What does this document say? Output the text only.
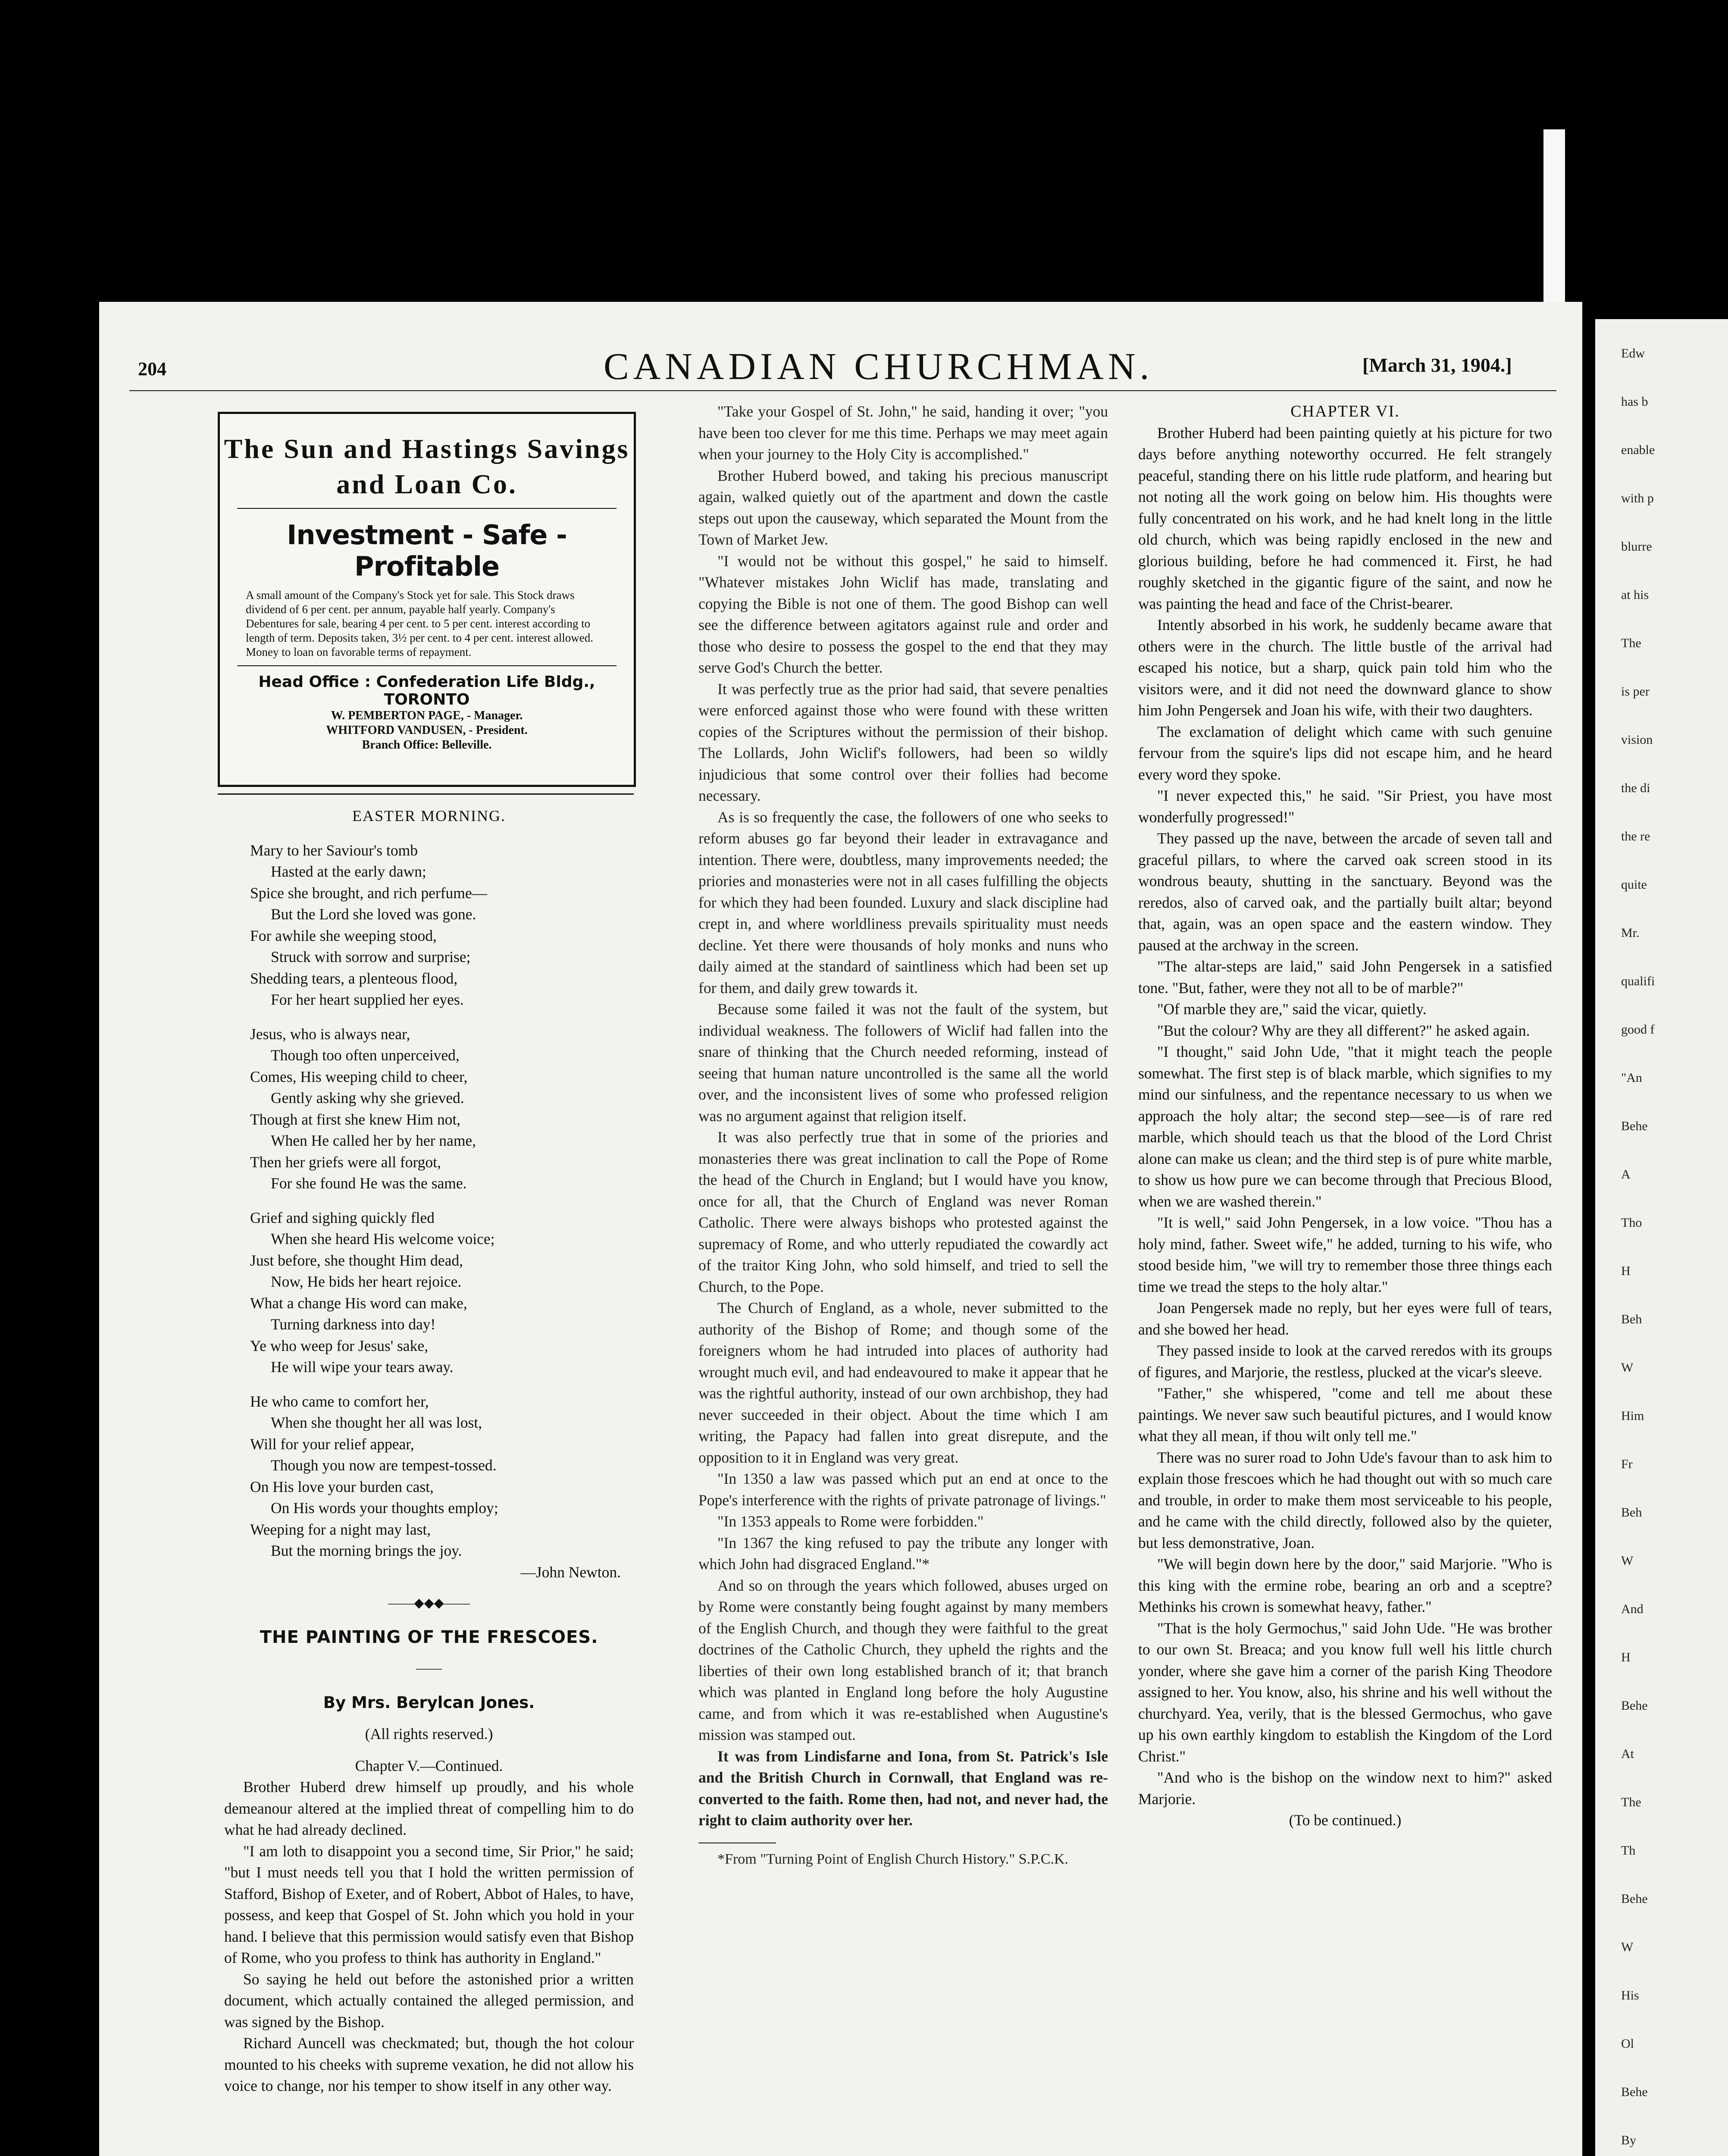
Edw
has b
enable
with p
blurre
at his
The
is per
vision
the di
the re
quite
Mr.
qualifi
good f
"An
Behe
A
Tho
H
Beh
W
Him
Fr
Beh
W
And
H
Behe
At
The
Th
Behe
W
His
Ol
Behe
By
204	CANADIAN CHURCHMAN.	[March 31, 1904.]
The Sun and Hastings Savings and Loan Co.
Investment - Safe - Profitable
A small amount of the Company's Stock yet for sale. This Stock draws dividend of 6 per cent. per annum, payable half yearly. Company's Debentures for sale, bearing 4 per cent. to 5 per cent. interest according to length of term. Deposits taken, 3½ per cent. to 4 per cent. interest allowed. Money to loan on favorable terms of repayment.
Head Office : Confederation Life Bldg., TORONTO
W. PEMBERTON PAGE, - Manager.
WHITFORD VANDUSEN, - President.
Branch Office: Belleville.
EASTER MORNING.
Mary to her Saviour's tomb
Hasted at the early dawn;
Spice she brought, and rich perfume—
But the Lord she loved was gone.
For awhile she weeping stood,
Struck with sorrow and surprise;
Shedding tears, a plenteous flood,
For her heart supplied her eyes.
Jesus, who is always near,
Though too often unperceived,
Comes, His weeping child to cheer,
Gently asking why she grieved.
Though at first she knew Him not,
When He called her by her name,
Then her griefs were all forgot,
For she found He was the same.
Grief and sighing quickly fled
When she heard His welcome voice;
Just before, she thought Him dead,
Now, He bids her heart rejoice.
What a change His word can make,
Turning darkness into day!
Ye who weep for Jesus' sake,
He will wipe your tears away.
He who came to comfort her,
When she thought her all was lost,
Will for your relief appear,
Though you now are tempest-tossed.
On His love your burden cast,
On His words your thoughts employ;
Weeping for a night may last,
But the morning brings the joy.
—John Newton.
——◆◆◆——
THE PAINTING OF THE FRESCOES.
——
By Mrs. Berylcan Jones.

(All rights reserved.)

Chapter V.—Continued.

Brother Huberd drew himself up proudly, and his whole demeanour altered at the implied threat of compelling him to do what he had already declined.

"I am loth to disappoint you a second time, Sir Prior," he said; "but I must needs tell you that I hold the written permission of Stafford, Bishop of Exeter, and of Robert, Abbot of Hales, to have, possess, and keep that Gospel of St. John which you hold in your hand. I believe that this permission would satisfy even that Bishop of Rome, who you profess to think has authority in England."

So saying he held out before the astonished prior a written document, which actually contained the alleged permission, and was signed by the Bishop.

Richard Auncell was checkmated; but, though the hot colour mounted to his cheeks with supreme vexation, he did not allow his voice to change, nor his temper to show itself in any other way.

"Take your Gospel of St. John," he said, handing it over; "you have been too clever for me this time. Perhaps we may meet again when your journey to the Holy City is accomplished."

Brother Huberd bowed, and taking his precious manuscript again, walked quietly out of the apartment and down the castle steps out upon the causeway, which separated the Mount from the Town of Market Jew.

"I would not be without this gospel," he said to himself. "Whatever mistakes John Wiclif has made, translating and copying the Bible is not one of them. The good Bishop can well see the difference between agitators against rule and order and those who desire to possess the gospel to the end that they may serve God's Church the better.

It was perfectly true as the prior had said, that severe penalties were enforced against those who were found with these written copies of the Scriptures without the permission of their bishop. The Lollards, John Wiclif's followers, had been so wildly injudicious that some control over their follies had become necessary.

As is so frequently the case, the followers of one who seeks to reform abuses go far beyond their leader in extravagance and intention. There were, doubtless, many improvements needed; the priories and monasteries were not in all cases fulfilling the objects for which they had been founded. Luxury and slack discipline had crept in, and where worldliness prevails spirituality must needs decline. Yet there were thousands of holy monks and nuns who daily aimed at the standard of saintliness which had been set up for them, and daily grew towards it.

Because some failed it was not the fault of the system, but individual weakness. The followers of Wiclif had fallen into the snare of thinking that the Church needed reforming, instead of seeing that human nature uncontrolled is the same all the world over, and the inconsistent lives of some who professed religion was no argument against that religion itself.

It was also perfectly true that in some of the priories and monasteries there was great inclination to call the Pope of Rome the head of the Church in England; but I would have you know, once for all, that the Church of England was never Roman Catholic. There were always bishops who protested against the supremacy of Rome, and who utterly repudiated the cowardly act of the traitor King John, who sold himself, and tried to sell the Church, to the Pope.

The Church of England, as a whole, never submitted to the authority of the Bishop of Rome; and though some of the foreigners whom he had intruded into places of authority had wrought much evil, and had endeavoured to make it appear that he was the rightful authority, instead of our own archbishop, they had never succeeded in their object. About the time which I am writing, the Papacy had fallen into great disrepute, and the opposition to it in England was very great.

"In 1350 a law was passed which put an end at once to the Pope's interference with the rights of private patronage of livings."

"In 1353 appeals to Rome were forbidden."

"In 1367 the king refused to pay the tribute any longer with which John had disgraced England."*

And so on through the years which followed, abuses urged on by Rome were constantly being fought against by many members of the English Church, and though they were faithful to the great doctrines of the Catholic Church, they upheld the rights and the liberties of their own long established branch of it; that branch which was planted in England long before the holy Augustine came, and from which it was re-established when Augustine's mission was stamped out.

It was from Lindisfarne and Iona, from St. Patrick's Isle and the British Church in Cornwall, that England was re-converted to the faith. Rome then, had not, and never had, the right to claim authority over her.

*From "Turning Point of English Church History." S.P.C.K.

CHAPTER VI.

Brother Huberd had been painting quietly at his picture for two days before anything noteworthy occurred. He felt strangely peaceful, standing there on his little rude platform, and hearing but not noting all the work going on below him. His thoughts were fully concentrated on his work, and he had knelt long in the little old church, which was being rapidly enclosed in the new and glorious building, before he had commenced it. First, he had roughly sketched in the gigantic figure of the saint, and now he was painting the head and face of the Christ-bearer.

Intently absorbed in his work, he suddenly became aware that others were in the church. The little bustle of the arrival had escaped his notice, but a sharp, quick pain told him who the visitors were, and it did not need the downward glance to show him John Pengersek and Joan his wife, with their two daughters.

The exclamation of delight which came with such genuine fervour from the squire's lips did not escape him, and he heard every word they spoke.

"I never expected this," he said. "Sir Priest, you have most wonderfully progressed!"

They passed up the nave, between the arcade of seven tall and graceful pillars, to where the carved oak screen stood in its wondrous beauty, shutting in the sanctuary. Beyond was the reredos, also of carved oak, and the partially built altar; beyond that, again, was an open space and the eastern window. They paused at the archway in the screen.

"The altar-steps are laid," said John Pengersek in a satisfied tone. "But, father, were they not all to be of marble?"

"Of marble they are," said the vicar, quietly.

"But the colour? Why are they all different?" he asked again.

"I thought," said John Ude, "that it might teach the people somewhat. The first step is of black marble, which signifies to my mind our sinfulness, and the repentance necessary to us when we approach the holy altar; the second step—see—is of rare red marble, which should teach us that the blood of the Lord Christ alone can make us clean; and the third step is of pure white marble, to show us how pure we can become through that Precious Blood, when we are washed therein."

"It is well," said John Pengersek, in a low voice. "Thou has a holy mind, father. Sweet wife," he added, turning to his wife, who stood beside him, "we will try to remember those three things each time we tread the steps to the holy altar."

Joan Pengersek made no reply, but her eyes were full of tears, and she bowed her head.

They passed inside to look at the carved reredos with its groups of figures, and Marjorie, the restless, plucked at the vicar's sleeve.

"Father," she whispered, "come and tell me about these paintings. We never saw such beautiful pictures, and I would know what they all mean, if thou wilt only tell me."

There was no surer road to John Ude's favour than to ask him to explain those frescoes which he had thought out with so much care and trouble, in order to make them most serviceable to his people, and he came with the child directly, followed also by the quieter, but less demonstrative, Joan.

"We will begin down here by the door," said Marjorie. "Who is this king with the ermine robe, bearing an orb and a sceptre? Methinks his crown is somewhat heavy, father."

"That is the holy Germochus," said John Ude. "He was brother to our own St. Breaca; and you know full well his little church yonder, where she gave him a corner of the parish King Theodore assigned to her. You know, also, his shrine and his well without the churchyard. Yea, verily, that is the blessed Germochus, who gave up his own earthly kingdom to establish the Kingdom of the Lord Christ."

"And who is the bishop on the window next to him?" asked Marjorie.

(To be continued.)
